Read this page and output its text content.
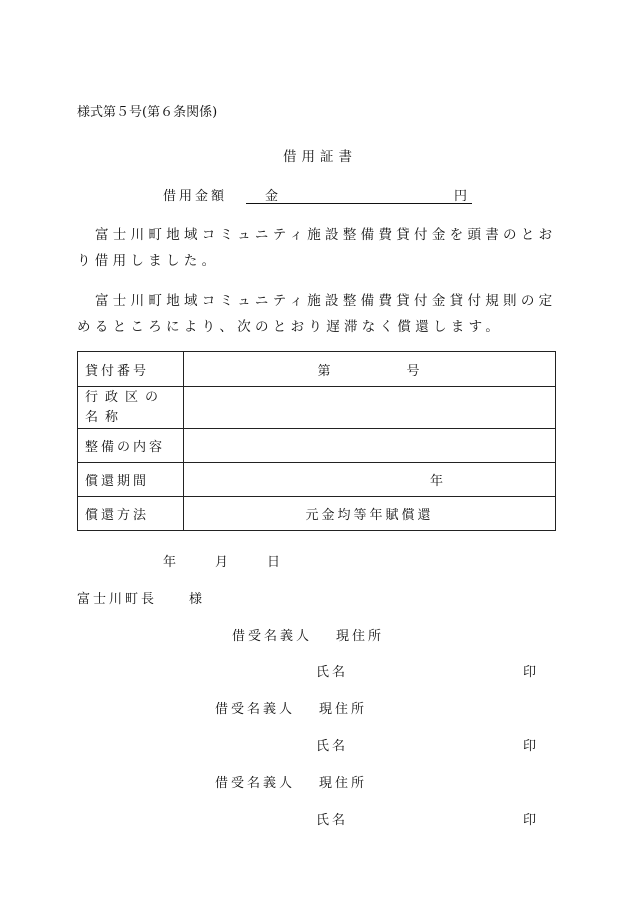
様式第５号(第６条関係)
借用証書
借用金額	金	円
富士川町地域コミュニティ施設整備費貸付金を頭書のとおり借用しました。
富士川町地域コミュニティ施設整備費貸付金貸付規則の定めるところにより、次のとおり遅滞なく償還します。
貸付番号	第 号
行政区の名称	
整備の内容	
償還期間	年
償還方法	元金均等年賦償還
年	月	日
富士川町長　　様
借受名義人 現住所
氏名	印
借受名義人 現住所
氏名	印
借受名義人 現住所
氏名	印
